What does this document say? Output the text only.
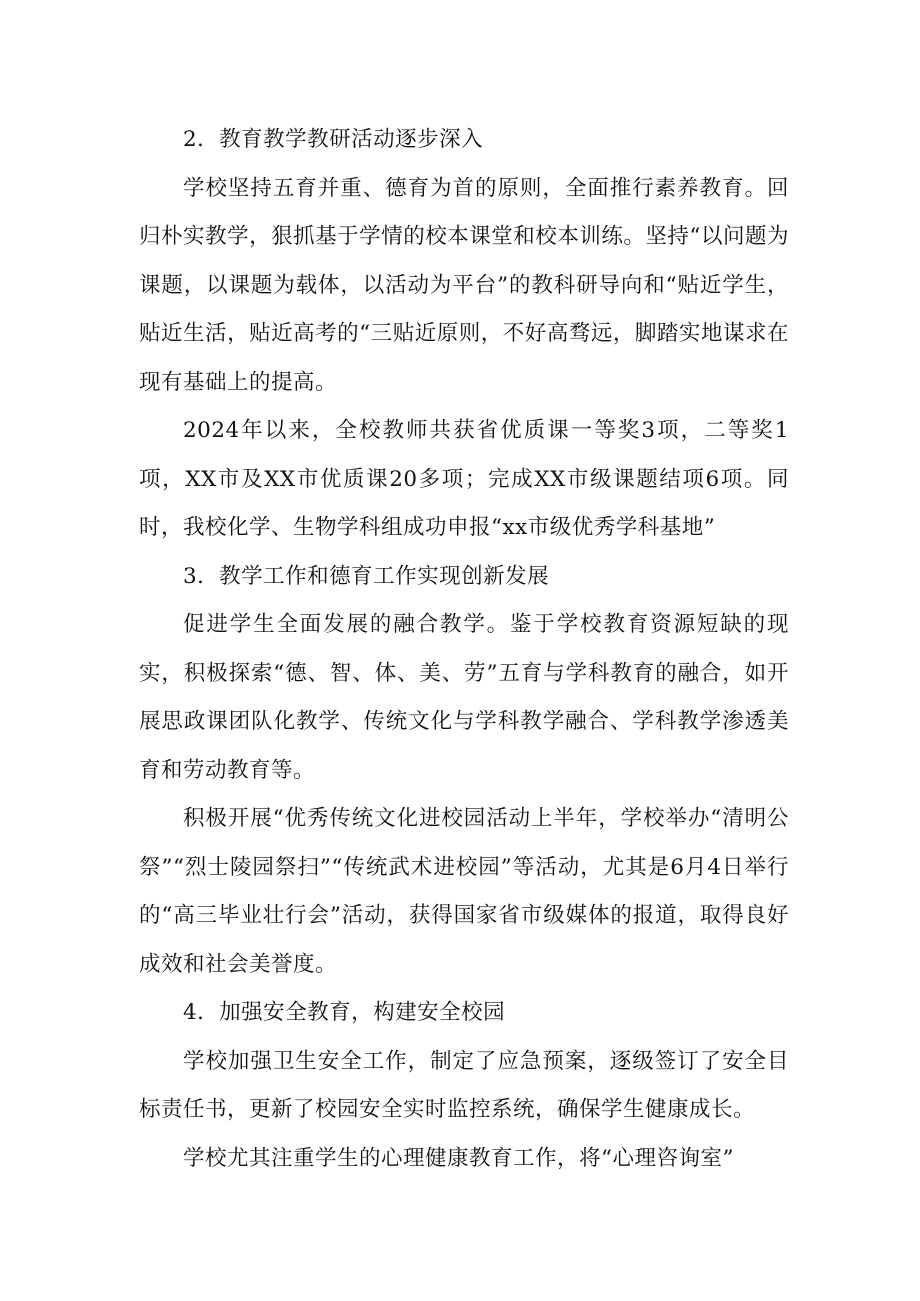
2．教育教学教研活动逐步深入

学校坚持五育并重、德育为首的原则，全面推行素养教育。回归朴实教学，狠抓基于学情的校本课堂和校本训练。坚持“以问题为课题，以课题为载体，以活动为平台”的教科研导向和“贴近学生，贴近生活，贴近高考的“三贴近原则，不好高骛远，脚踏实地谋求在现有基础上的提高。

2024年以来，全校教师共获省优质课一等奖3项，二等奖1项，XX市及XX市优质课20多项；完成XX市级课题结项6项。同时，我校化学、生物学科组成功申报“xx市级优秀学科基地”

3．教学工作和德育工作实现创新发展

促进学生全面发展的融合教学。鉴于学校教育资源短缺的现实，积极探索“德、智、体、美、劳”五育与学科教育的融合，如开展思政课团队化教学、传统文化与学科教学融合、学科教学渗透美育和劳动教育等。

积极开展“优秀传统文化进校园活动上半年，学校举办“清明公祭”“烈士陵园祭扫”“传统武术进校园”等活动，尤其是6月4日举行的“高三毕业壮行会”活动，获得国家省市级媒体的报道，取得良好成效和社会美誉度。

4．加强安全教育，构建安全校园

学校加强卫生安全工作，制定了应急预案，逐级签订了安全目标责任书，更新了校园安全实时监控系统，确保学生健康成长。

学校尤其注重学生的心理健康教育工作，将“心理咨询室”
